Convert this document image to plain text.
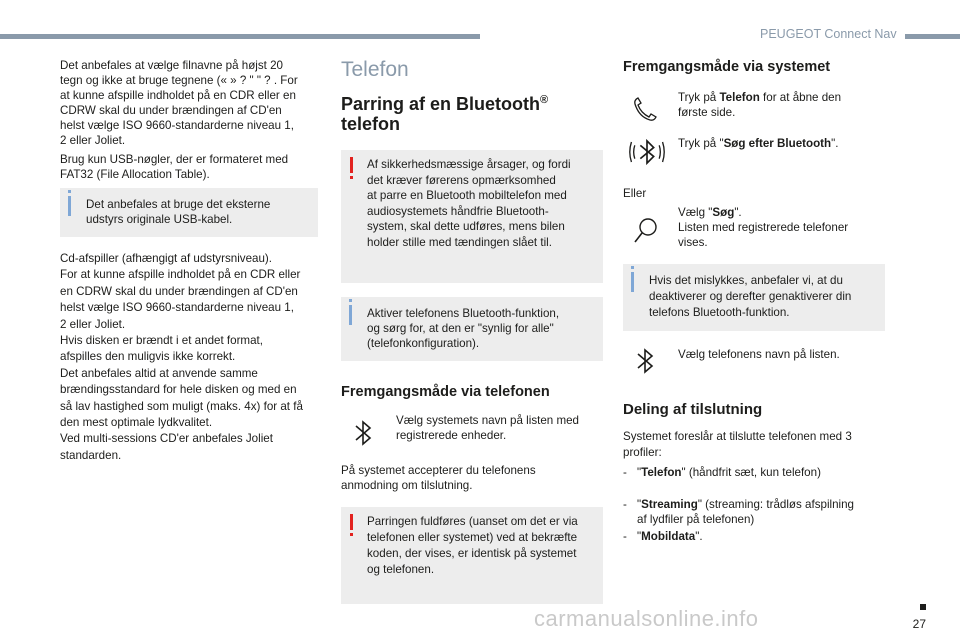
PEUGEOT Connect Nav

Det anbefales at vælge filnavne på højst 20
tegn og ikke at bruge tegnene (« » ? " " ? . For
at kunne afspille indholdet på en CDR eller en
CDRW skal du under brændingen af CD'en
helst vælge ISO 9660-standarderne niveau 1,
2 eller Joliet.

Brug kun USB-nøgler, der er formateret med
FAT32 (File Allocation Table).

Det anbefales at bruge det eksterne
udstyrs originale USB-kabel.

Cd-afspiller (afhængigt af udstyrsniveau).
For at kunne afspille indholdet på en CDR eller
en CDRW skal du under brændingen af CD'en
helst vælge ISO 9660-standarderne niveau 1,
2 eller Joliet.
Hvis disken er brændt i et andet format,
afspilles den muligvis ikke korrekt.
Det anbefales altid at anvende samme
brændingsstandard for hele disken og med en
så lav hastighed som muligt (maks. 4x) for at få
den mest optimale lydkvalitet.
Ved multi-sessions CD'er anbefales Joliet
standarden.

Telefon
Parring af en Bluetooth®
telefon

Af sikkerhedsmæssige årsager, og fordi
det kræver førerens opmærksomhed
at parre en Bluetooth mobiltelefon med
audiosystemets håndfrie Bluetooth-
system, skal dette udføres, mens bilen
holder stille med tændingen slået til.

Aktiver telefonens Bluetooth-funktion,
og sørg for, at den er "synlig for alle"
(telefonkonfiguration).

Fremgangsmåde via telefonen

Vælg systemets navn på listen med
registrerede enheder.

På systemet accepterer du telefonens
anmodning om tilslutning.

Parringen fuldføres (uanset om det er via
telefonen eller systemet) ved at bekræfte
koden, der vises, er identisk på systemet
og telefonen.

Fremgangsmåde via systemet

Tryk på Telefon for at åbne den
første side.

Tryk på "Søg efter Bluetooth".

Eller

Vælg "Søg".
Listen med registrerede telefoner
vises.

Hvis det mislykkes, anbefaler vi, at du
deaktiverer og derefter genaktiverer din
telefons Bluetooth-funktion.

Vælg telefonens navn på listen.

Deling af tilslutning

Systemet foreslår at tilslutte telefonen med 3
profiler:

- "Telefon" (håndfrit sæt, kun telefon)

- "Streaming" (streaming: trådløs afspilning
af lydfiler på telefonen)

- "Mobildata".
carmanualsonline.info	27
